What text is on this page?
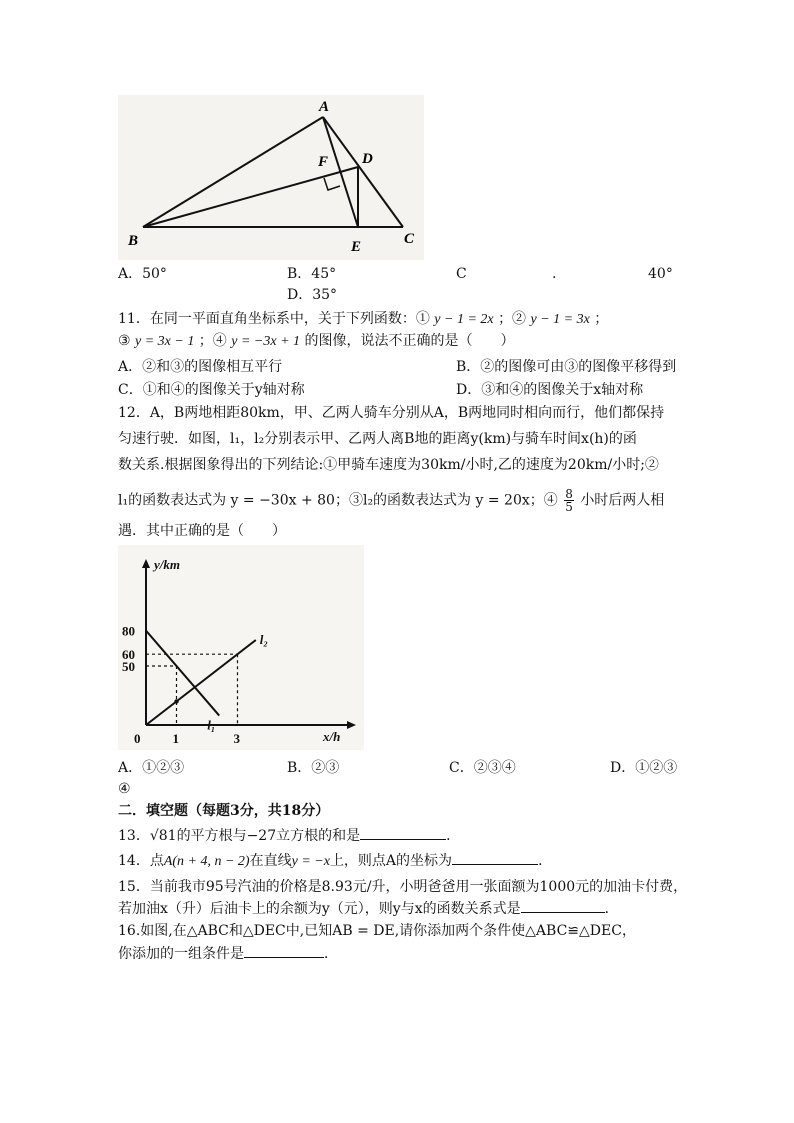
A
B	C
D
E
F
A．50°	B．45°	C	.	40°
D．35°
11．在同一平面直角坐标系中，关于下列函数：① y − 1 = 2x ；② y − 1 = 3x ；
③ y = 3x − 1 ；④ y = −3x + 1 的图像，说法不正确的是（　　）
A．②和③的图像相互平行	B．②的图像可由③的图像平移得到
C．①和④的图像关于y轴对称	D．③和④的图像关于x轴对称
12．A，B两地相距80km，甲、乙两人骑车分别从A，B两地同时相向而行，他们都保持
匀速行驶．如图，l₁，l₂分别表示甲、乙两人离B地的距离y(km)与骑车时间x(h)的函
数关系.根据图象得出的下列结论:①甲骑车速度为30km/小时,乙的速度为20km/小时;②
l₁的函数表达式为 y = −30x + 80；③l₂的函数表达式为 y = 20x；④ $\frac{8}{5}$ 小时后两人相
遇．其中正确的是（　　）
y/km
x/h
l₁
l₂
50
60
80
0 1	3
A．①②③	B．②③	C．②③④	D．①②③
④
二．填空题（每题3分，共18分）
13．√81的平方根与−27立方根的和是	．
14．点A(n + 4, n − 2)在直线y = −x上，则点A的坐标为	．
15．当前我市95号汽油的价格是8.93元/升，小明爸爸用一张面额为1000元的加油卡付费，
若加油x（升）后油卡上的余额为y（元），则y与x的函数关系式是	．
16.如图,在△ABC和△DEC中,已知AB = DE,请你添加两个条件使△ABC≌△DEC，
你添加的一组条件是	．
